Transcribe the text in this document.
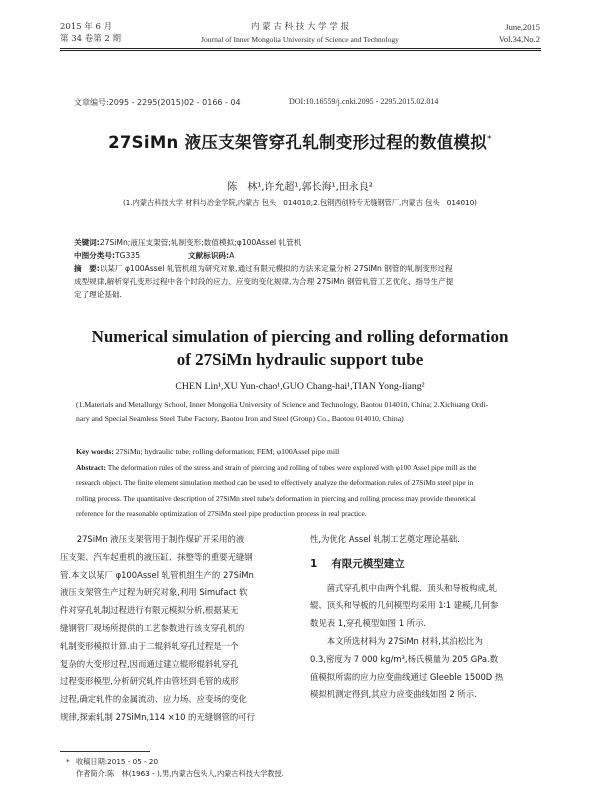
2015 年 6 月
第 34 卷第 2 期
内 蒙 古 科 技 大 学 学 报
Journal of Inner Mongolia University of Science and Technology
June,2015
Vol.34,No.2
文章编号:2095 - 2295(2015)02 - 0166 - 04	DOI:10.16559/j.cnki.2095 - 2295.2015.02.014
27SiMn 液压支架管穿孔轧制变形过程的数值模拟*
陈　林¹,许允超¹,郭长海¹,田永良²
(1.内蒙古科技大学 材料与冶金学院,内蒙古 包头　014010;2.包钢西创特专无缝钢管厂,内蒙古 包头　014010)
关键词:27SiMn;液压支架管;轧制变形;数值模拟;φ100Assel 轧管机
中图分类号:TG335	文献标识码:A
摘　要:以某厂 φ100Assel 轧管机组为研究对象,通过有限元模拟的方法来定量分析 27SiMn 钢管的轧制变形过程
成型规律,解析穿孔变形过程中各个时段的应力、应变的变化规律,为合理 27SiMn 钢管轧管工艺优化、指导生产提
定了理论基础.
Numerical simulation of piercing and rolling deformation
of 27SiMn hydraulic support tube
CHEN Lin¹,XU Yun-chao¹,GUO Chang-hai¹,TIAN Yong-liang²
(1.Materials and Metallurgy School, Inner Mongolia University of Science and Technology, Baotou 014010, China; 2.Xichuang Ordi-
nary and Special Seamless Steel Tube Factory, Baotou Iron and Steel (Group) Co., Baotou 014010, China)
Key words: 27SiMn; hydraulic tube; rolling deformation; FEM; φ100Assel pipe mill
Abstract: The deformation rules of the stress and strain of piercing and rolling of tubes were explored with φ100 Assel pipe mill as the
research object. The finite element simulation method can be used to effectively analyze the deformation rules of 27SiMn steel pipe in
rolling process. The quantitative description of 27SiMn steel tube's deformation in piercing and rolling process may provide theoretical
reference for the reasonable optimization of 27SiMn steel pipe production process in real practice.
　　27SiMn 液压支架管用于制作煤矿开采用的液
压支架、汽车起重机的液压缸、抹整等的重要无缝钢
管.本文以某厂 φ100Assel 轧管机组生产的 27SiMn
液压支架管生产过程为研究对象,利用 Simufact 软
件对穿孔轧制过程进行有限元模拟分析,根据某无
缝钢管厂现场所提供的工艺参数进行该支穿孔机的
轧制变形模拟计算.由于二辊斜轧穿孔过程是一个
复杂的大变形过程,因而通过建立辊形辊斜轧穿孔
过程变形模型,分析研究轧件由管坯到毛管的成形
过程,确定轧件的金属流动、应力场、应变场的变化
规律,探索轧制 27SiMn,114 ×10 的无缝钢管的可行
性,为优化 Assel 轧制工艺奠定理论基础.
1 有限元模型建立
　　菌式穿孔机中由两个轧辊、顶头和导板构成,轧
辊、顶头和导板的几何模型均采用 1∶1 建模,几何参
数见表 1,穿孔模型如图 1 所示.
　　本文所选材料为 27SiMn 材料,其泊松比为
0.3,密度为 7 000 kg/m³,杨氏模量为 205 GPa.数
值模拟所需的应力应变曲线通过 Gleeble 1500D 热
模拟机测定得到,其应力应变曲线如图 2 所示.
* 收稿日期:2015 - 05 - 20
作者简介:陈　林(1963 - ),男,内蒙古包头人,内蒙古科技大学教授.
